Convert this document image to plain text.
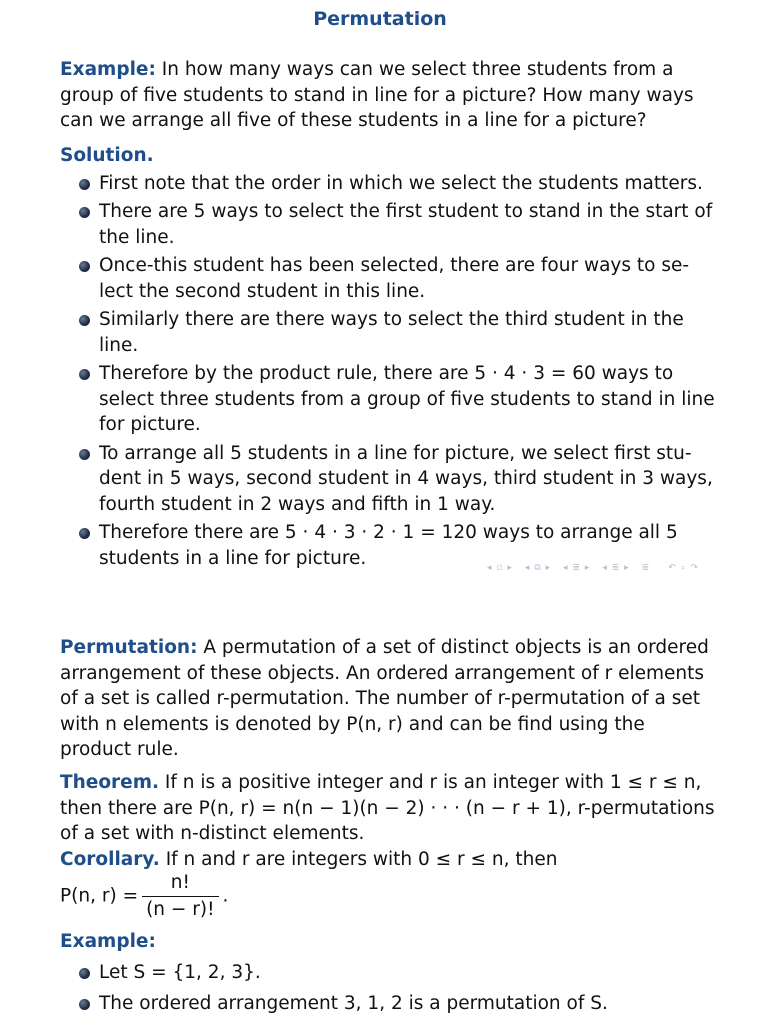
Permutation
Example: In how many ways can we select three students from a
group of five students to stand in line for a picture? How many ways
can we arrange all five of these students in a line for a picture?
Solution.
First note that the order in which we select the students matters.
There are 5 ways to select the first student to stand in the start of
the line.
Once-this student has been selected, there are four ways to se-
lect the second student in this line.
Similarly there are there ways to select the third student in the
line.
Therefore by the product rule, there are 5 · 4 · 3 = 60 ways to
select three students from a group of five students to stand in line
for picture.
To arrange all 5 students in a line for picture, we select first stu-
dent in 5 ways, second student in 4 ways, third student in 3 ways,
fourth student in 2 ways and fifth in 1 way.
Therefore there are 5 · 4 · 3 · 2 · 1 = 120 ways to arrange all 5
students in a line for picture.	◂ ▫ ▸ ◂ ⧉ ▸ ◂ ≣ ▸ ◂ ≣ ▸ ≣ ↶ ⌕ ↷
Permutation: A permutation of a set of distinct objects is an ordered
arrangement of these objects. An ordered arrangement of r elements
of a set is called r-permutation. The number of r-permutation of a set
with n elements is denoted by P(n, r) and can be find using the
product rule.
Theorem. If n is a positive integer and r is an integer with 1 ≤ r ≤ n,
then there are P(n, r) = n(n − 1)(n − 2) · · · (n − r + 1), r-permutations
of a set with n-distinct elements.
Corollary. If n and r are integers with 0 ≤ r ≤ n, then
P(n, $r) = \frac{n!}{(n - r)!}$ .
Example:
Let S = {1, 2, 3}.
The ordered arrangement 3, 1, 2 is a permutation of S.
